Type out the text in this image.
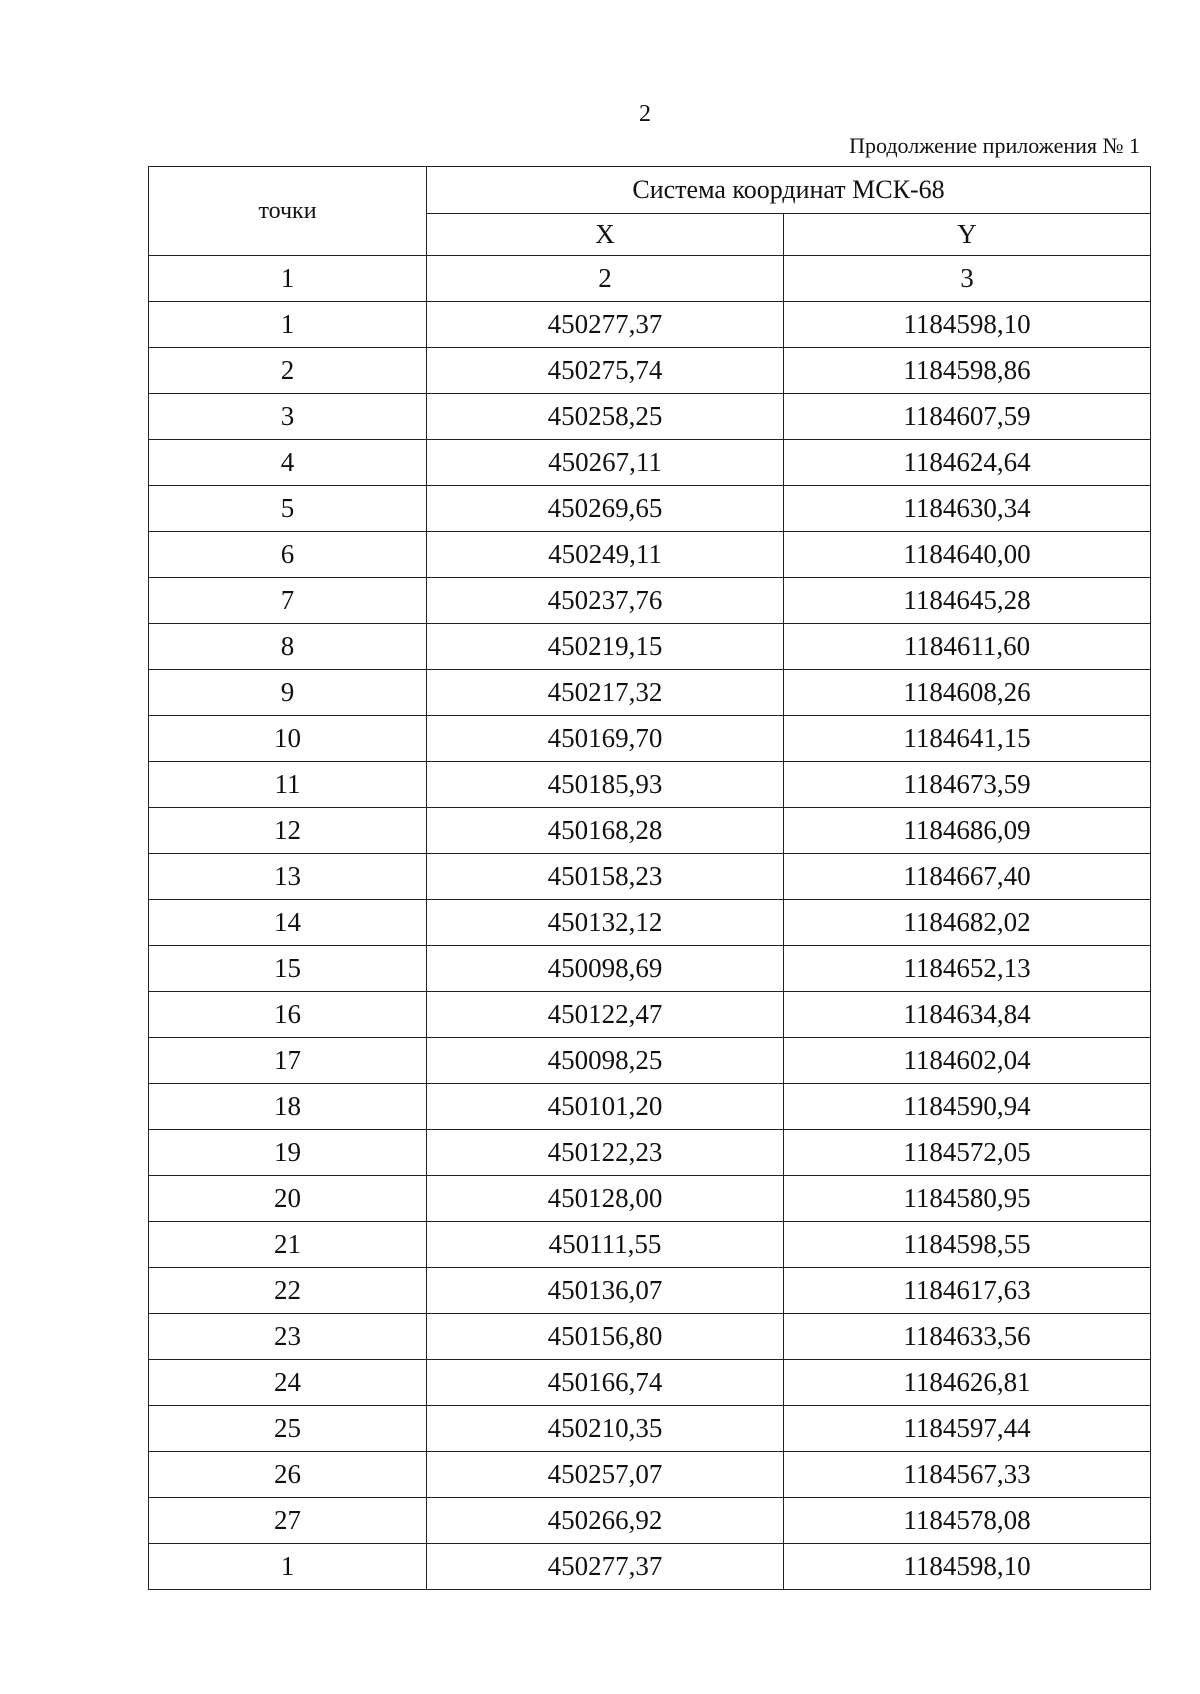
2
Продолжение приложения № 1
точки	Система координат МСК-68	
	X	Y
1	2	3
1	450277,37	1184598,10
2	450275,74	1184598,86
3	450258,25	1184607,59
4	450267,11	1184624,64
5	450269,65	1184630,34
6	450249,11	1184640,00
7	450237,76	1184645,28
8	450219,15	1184611,60
9	450217,32	1184608,26
10	450169,70	1184641,15
11	450185,93	1184673,59
12	450168,28	1184686,09
13	450158,23	1184667,40
14	450132,12	1184682,02
15	450098,69	1184652,13
16	450122,47	1184634,84
17	450098,25	1184602,04
18	450101,20	1184590,94
19	450122,23	1184572,05
20	450128,00	1184580,95
21	450111,55	1184598,55
22	450136,07	1184617,63
23	450156,80	1184633,56
24	450166,74	1184626,81
25	450210,35	1184597,44
26	450257,07	1184567,33
27	450266,92	1184578,08
1	450277,37	1184598,10
